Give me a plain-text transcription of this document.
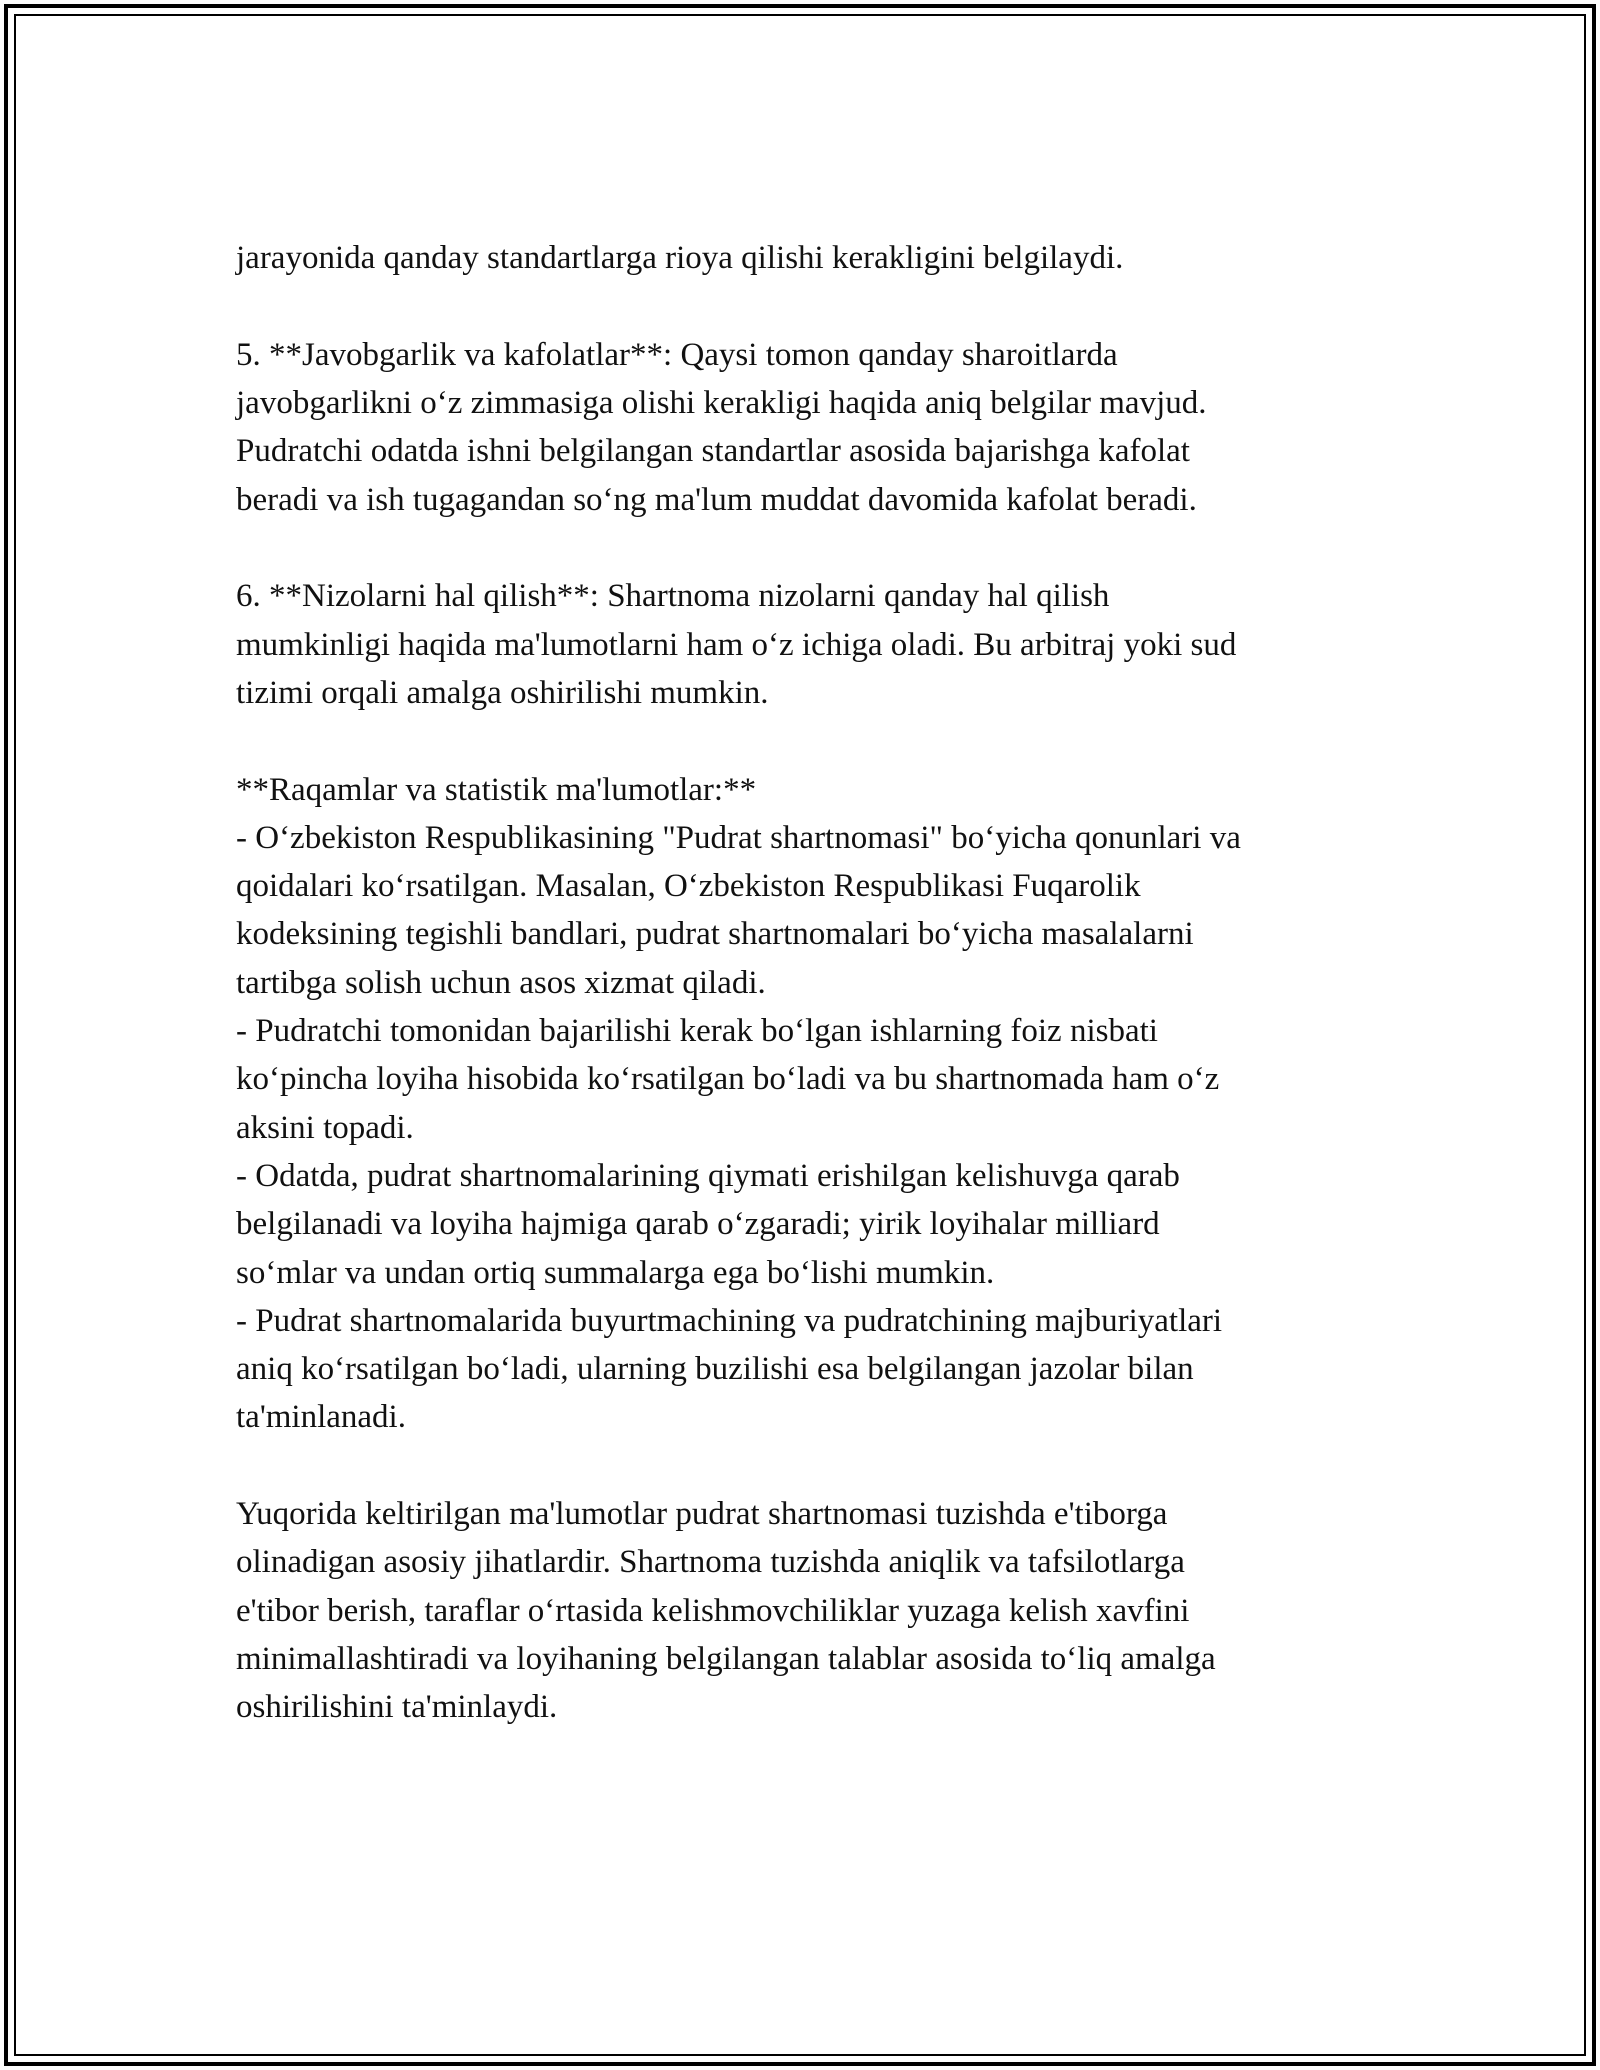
jarayonida qanday standartlarga rioya qilishi kerakligini belgilaydi.

5. **Javobgarlik va kafolatlar**: Qaysi tomon qanday sharoitlarda
javobgarlikni oʻz zimmasiga olishi kerakligi haqida aniq belgilar mavjud.
Pudratchi odatda ishni belgilangan standartlar asosida bajarishga kafolat
beradi va ish tugagandan soʻng ma'lum muddat davomida kafolat beradi.

6. **Nizolarni hal qilish**: Shartnoma nizolarni qanday hal qilish
mumkinligi haqida ma'lumotlarni ham oʻz ichiga oladi. Bu arbitraj yoki sud
tizimi orqali amalga oshirilishi mumkin.

**Raqamlar va statistik ma'lumotlar:**
- Oʻzbekiston Respublikasining "Pudrat shartnomasi" boʻyicha qonunlari va
qoidalari koʻrsatilgan. Masalan, Oʻzbekiston Respublikasi Fuqarolik
kodeksining tegishli bandlari, pudrat shartnomalari boʻyicha masalalarni
tartibga solish uchun asos xizmat qiladi.
- Pudratchi tomonidan bajarilishi kerak boʻlgan ishlarning foiz nisbati
koʻpincha loyiha hisobida koʻrsatilgan boʻladi va bu shartnomada ham oʻz
aksini topadi.
- Odatda, pudrat shartnomalarining qiymati erishilgan kelishuvga qarab
belgilanadi va loyiha hajmiga qarab oʻzgaradi; yirik loyihalar milliard
soʻmlar va undan ortiq summalarga ega boʻlishi mumkin.
- Pudrat shartnomalarida buyurtmachining va pudratchining majburiyatlari
aniq koʻrsatilgan boʻladi, ularning buzilishi esa belgilangan jazolar bilan
ta'minlanadi.

Yuqorida keltirilgan ma'lumotlar pudrat shartnomasi tuzishda e'tiborga
olinadigan asosiy jihatlardir. Shartnoma tuzishda aniqlik va tafsilotlarga
e'tibor berish, taraflar oʻrtasida kelishmovchiliklar yuzaga kelish xavfini
minimallashtiradi va loyihaning belgilangan talablar asosida toʻliq amalga
oshirilishini ta'minlaydi.
